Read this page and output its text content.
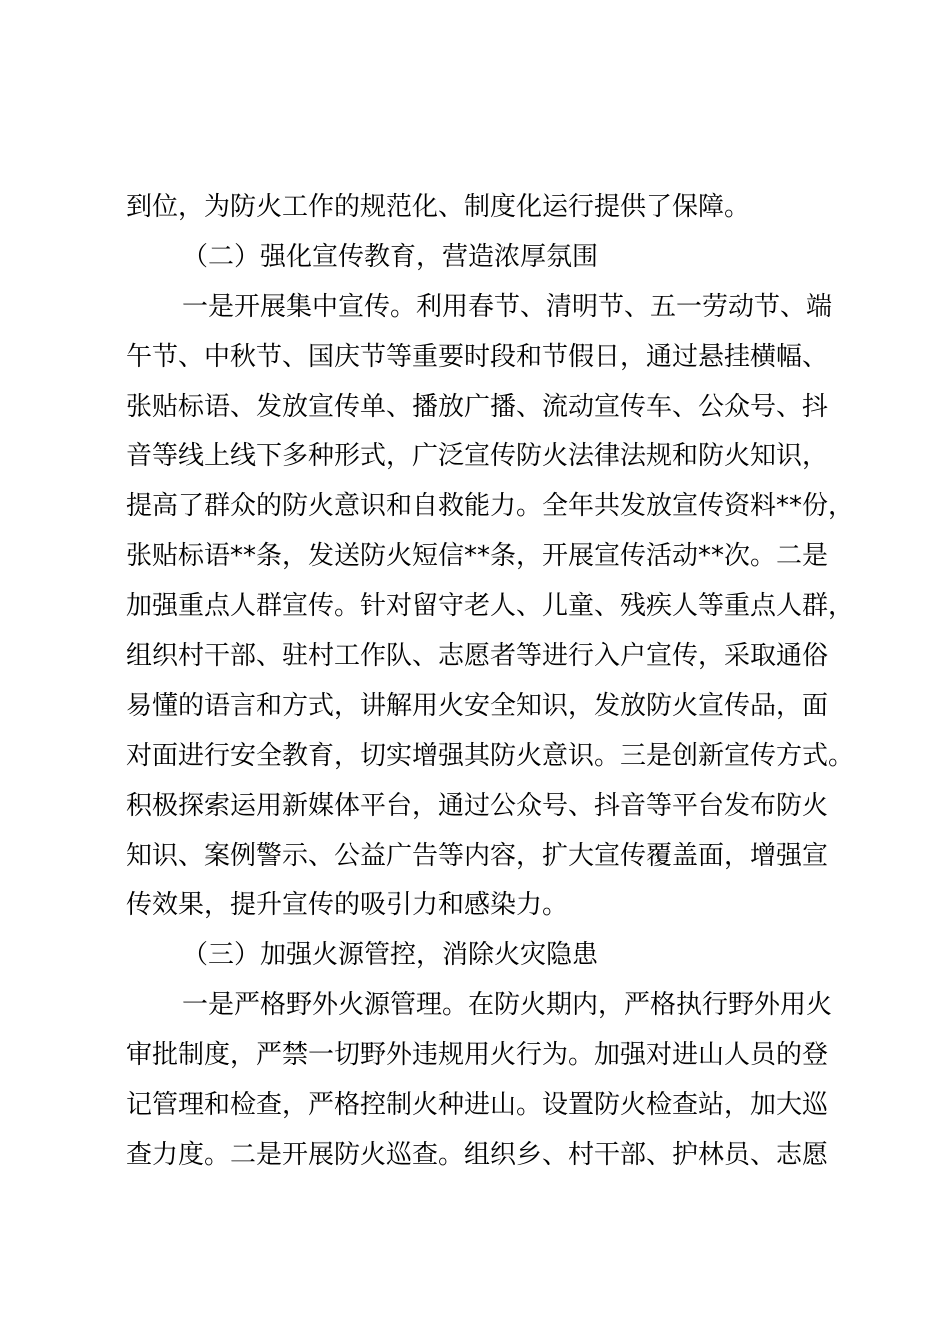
到位，为防火工作的规范化、制度化运行提供了保障。
（二）强化宣传教育，营造浓厚氛围
一是开展集中宣传。利用春节、清明节、五一劳动节、端
午节、中秋节、国庆节等重要时段和节假日，通过悬挂横幅、
张贴标语、发放宣传单、播放广播、流动宣传车、公众号、抖
音等线上线下多种形式，广泛宣传防火法律法规和防火知识，
提高了群众的防火意识和自救能力。全年共发放宣传资料**份，
张贴标语**条，发送防火短信**条，开展宣传活动**次。二是
加强重点人群宣传。针对留守老人、儿童、残疾人等重点人群，
组织村干部、驻村工作队、志愿者等进行入户宣传，采取通俗
易懂的语言和方式，讲解用火安全知识，发放防火宣传品，面
对面进行安全教育，切实增强其防火意识。三是创新宣传方式。
积极探索运用新媒体平台，通过公众号、抖音等平台发布防火
知识、案例警示、公益广告等内容，扩大宣传覆盖面，增强宣
传效果，提升宣传的吸引力和感染力。
（三）加强火源管控，消除火灾隐患
一是严格野外火源管理。在防火期内，严格执行野外用火
审批制度，严禁一切野外违规用火行为。加强对进山人员的登
记管理和检查，严格控制火种进山。设置防火检查站，加大巡
查力度。二是开展防火巡查。组织乡、村干部、护林员、志愿
